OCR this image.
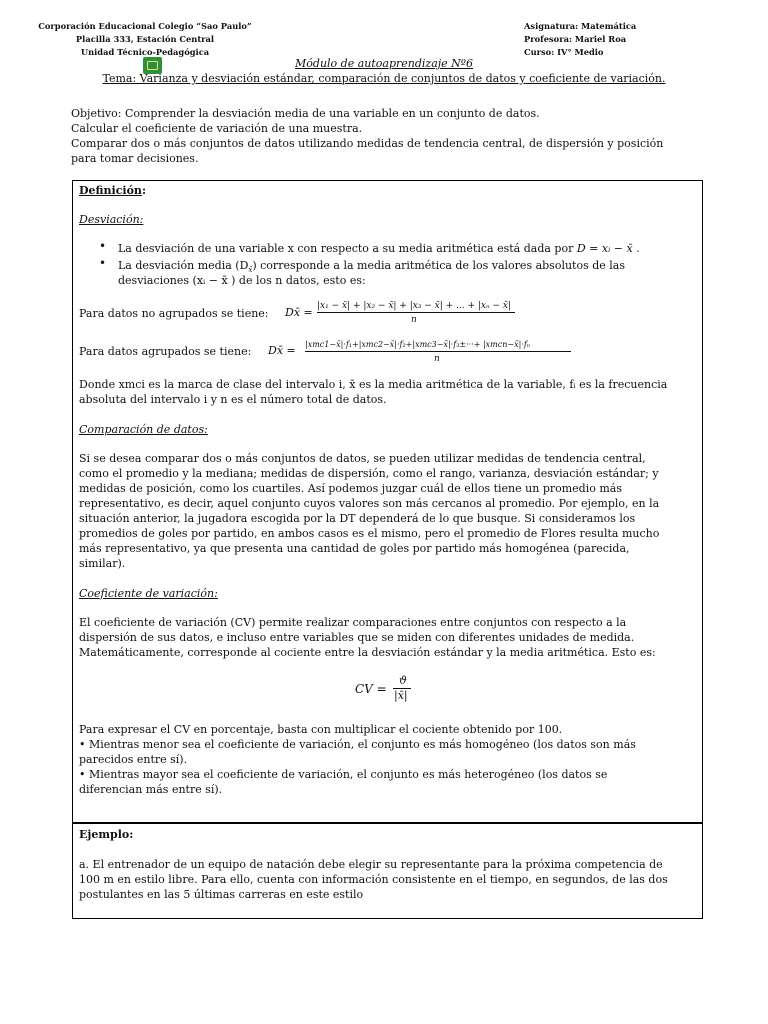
Corporación Educacional Colegio “Sao Paulo”
Placilla 333, Estación Central
Unidad Técnico-Pedagógica
Asignatura: Matemática
Profesora: Mariel Roa
Curso: IV° Medio
Módulo de autoaprendizaje Nº6
Tema: Varianza y desviación estándar, comparación de conjuntos de datos y coeficiente de variación.
Objetivo: Comprender la desviación media de una variable en un conjunto de datos.
Calcular el coeficiente de variación de una muestra.
Comparar dos o más conjuntos de datos utilizando medidas de tendencia central, de dispersión y posición
para tomar decisiones.
Definición:
Desviación:
• La desviación de una variable x con respecto a su media aritmética está dada por D = xᵢ − x̄ .
• La desviación media $(D_{x̄})$ corresponde a la media aritmética de los valores absolutos de las
desviaciones (xᵢ − x̄ ) de los n datos, esto es:
Para datos no agrupados se tiene:	Dx̄ = |x₁ − x̄| + |x₂ − x̄| + |x₃ − x̄| + ... + |xₙ − x̄|
n
Para datos agrupados se tiene:	Dx̄ = |xmc1−x̄|·f₁+|xmc2−x̄|·f₂+|xmc3−x̄|·f₃±···+ |xmcn−x̄|·fₙ
n
Donde xmci es la marca de clase del intervalo i, x̄ es la media aritmética de la variable, fᵢ es la frecuencia
absoluta del intervalo i y n es el número total de datos.
Comparación de datos:
Si se desea comparar dos o más conjuntos de datos, se pueden utilizar medidas de tendencia central,
como el promedio y la mediana; medidas de dispersión, como el rango, varianza, desviación estándar; y
medidas de posición, como los cuartiles. Así podemos juzgar cuál de ellos tiene un promedio más
representativo, es decir, aquel conjunto cuyos valores son más cercanos al promedio. Por ejemplo, en la
situación anterior, la jugadora escogida por la DT dependerá de lo que busque. Si consideramos los
promedios de goles por partido, en ambos casos es el mismo, pero el promedio de Flores resulta mucho
más representativo, ya que presenta una cantidad de goles por partido más homogénea (parecida,
similar).
Coeficiente de variación:
El coeficiente de variación (CV) permite realizar comparaciones entre conjuntos con respecto a la
dispersión de sus datos, e incluso entre variables que se miden con diferentes unidades de medida.
Matemáticamente, corresponde al cociente entre la desviación estándar y la media aritmética. Esto es:
CV =
ϑ
|x̄|
Para expresar el CV en porcentaje, basta con multiplicar el cociente obtenido por 100.
• Mientras menor sea el coeficiente de variación, el conjunto es más homogéneo (los datos son más
parecidos entre sí).
• Mientras mayor sea el coeficiente de variación, el conjunto es más heterogéneo (los datos se
diferencian más entre sí).
Ejemplo:
a. El entrenador de un equipo de natación debe elegir su representante para la próxima competencia de
100 m en estilo libre. Para ello, cuenta con información consistente en el tiempo, en segundos, de las dos
postulantes en las 5 últimas carreras en este estilo
